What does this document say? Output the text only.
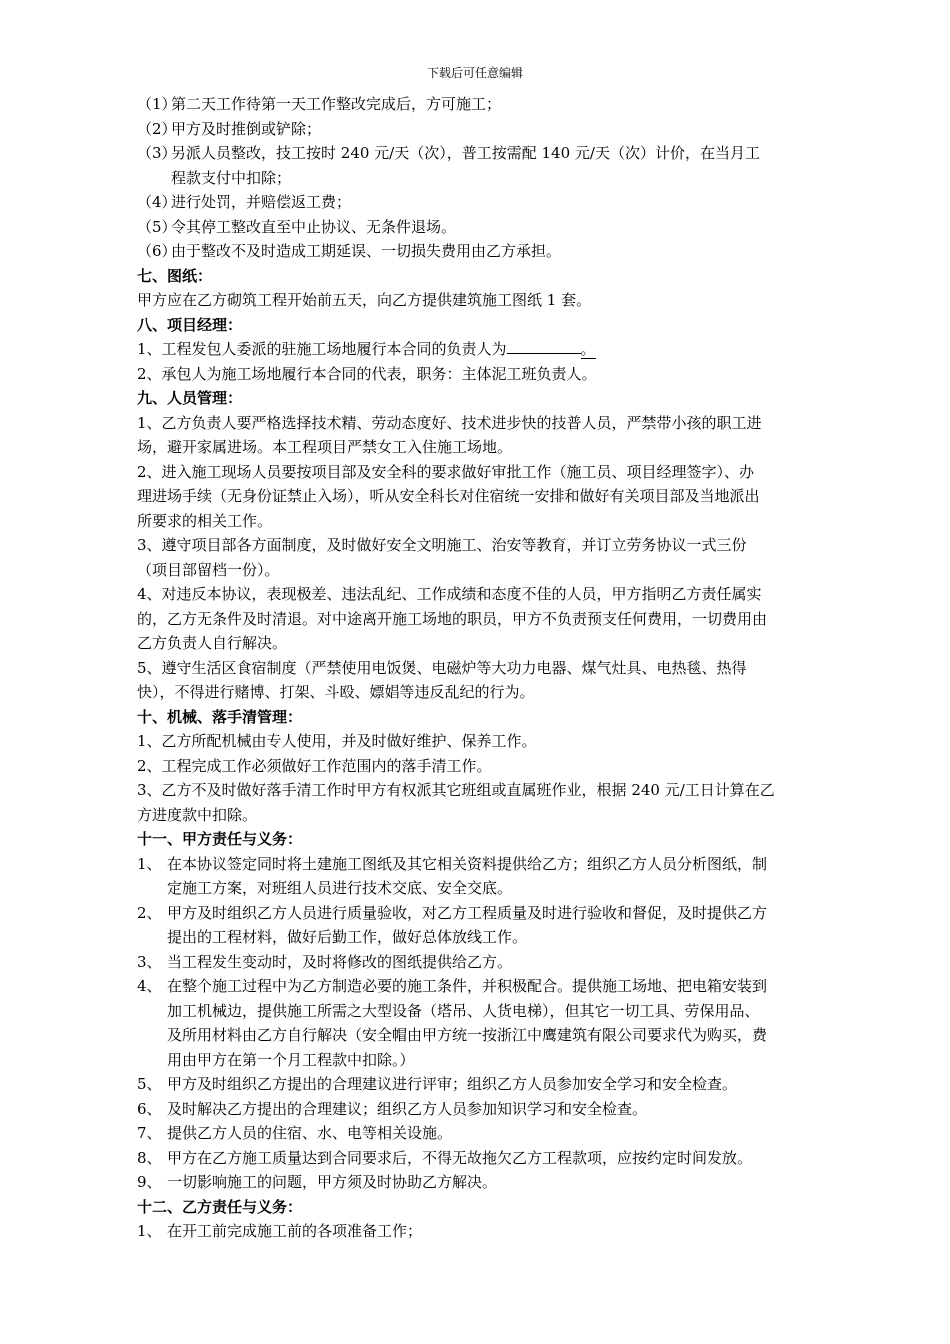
下载后可任意编辑
（1）第二天工作待第一天工作整改完成后，方可施工；
（2）甲方及时推倒或铲除；
（3）另派人员整改，技工按时 240 元/天（次），普工按需配 140 元/天（次）计价，在当月工
程款支付中扣除；
（4）进行处罚，并赔偿返工费；
（5）令其停工整改直至中止协议、无条件退场。
（6）由于整改不及时造成工期延误、一切损失费用由乙方承担。
七、图纸：
甲方应在乙方砌筑工程开始前五天，向乙方提供建筑施工图纸 1 套。
八、项目经理：
1、工程发包人委派的驻施工场地履行本合同的负责人为	。
2、承包人为施工场地履行本合同的代表，职务：主体泥工班负责人。
九、人员管理：
1、乙方负责人要严格选择技术精、劳动态度好、技术进步快的技普人员，严禁带小孩的职工进
场，避开家属进场。本工程项目严禁女工入住施工场地。
2、进入施工现场人员要按项目部及安全科的要求做好审批工作（施工员、项目经理签字）、办
理进场手续（无身份证禁止入场），听从安全科长对住宿统一安排和做好有关项目部及当地派出
所要求的相关工作。
3、遵守项目部各方面制度，及时做好安全文明施工、治安等教育，并订立劳务协议一式三份
（项目部留档一份）。
4、对违反本协议，表现极差、违法乱纪、工作成绩和态度不佳的人员，甲方指明乙方责任属实
的，乙方无条件及时清退。对中途离开施工场地的职员，甲方不负责预支任何费用，一切费用由
乙方负责人自行解决。
5、遵守生活区食宿制度（严禁使用电饭煲、电磁炉等大功力电器、煤气灶具、电热毯、热得
快），不得进行赌博、打架、斗殴、嫖娼等违反乱纪的行为。
十、机械、落手清管理：
1、乙方所配机械由专人使用，并及时做好维护、保养工作。
2、工程完成工作必须做好工作范围内的落手清工作。
3、乙方不及时做好落手清工作时甲方有权派其它班组或直属班作业，根据 240 元/工日计算在乙
方进度款中扣除。
十一、甲方责任与义务：
1、 在本协议签定同时将土建施工图纸及其它相关资料提供给乙方；组织乙方人员分析图纸，制
定施工方案，对班组人员进行技术交底、安全交底。
2、 甲方及时组织乙方人员进行质量验收，对乙方工程质量及时进行验收和督促，及时提供乙方
提出的工程材料，做好后勤工作，做好总体放线工作。
3、 当工程发生变动时，及时将修改的图纸提供给乙方。
4、 在整个施工过程中为乙方制造必要的施工条件，并积极配合。提供施工场地、把电箱安装到
加工机械边，提供施工所需之大型设备（塔吊、人货电梯），但其它一切工具、劳保用品、
及所用材料由乙方自行解决（安全帽由甲方统一按浙江中鹰建筑有限公司要求代为购买，费
用由甲方在第一个月工程款中扣除。）
5、 甲方及时组织乙方提出的合理建议进行评审；组织乙方人员参加安全学习和安全检查。
6、 及时解决乙方提出的合理建议；组织乙方人员参加知识学习和安全检查。
7、 提供乙方人员的住宿、水、电等相关设施。
8、 甲方在乙方施工质量达到合同要求后，不得无故拖欠乙方工程款项，应按约定时间发放。
9、 一切影响施工的问题，甲方须及时协助乙方解决。
十二、乙方责任与义务：
1、 在开工前完成施工前的各项准备工作；
